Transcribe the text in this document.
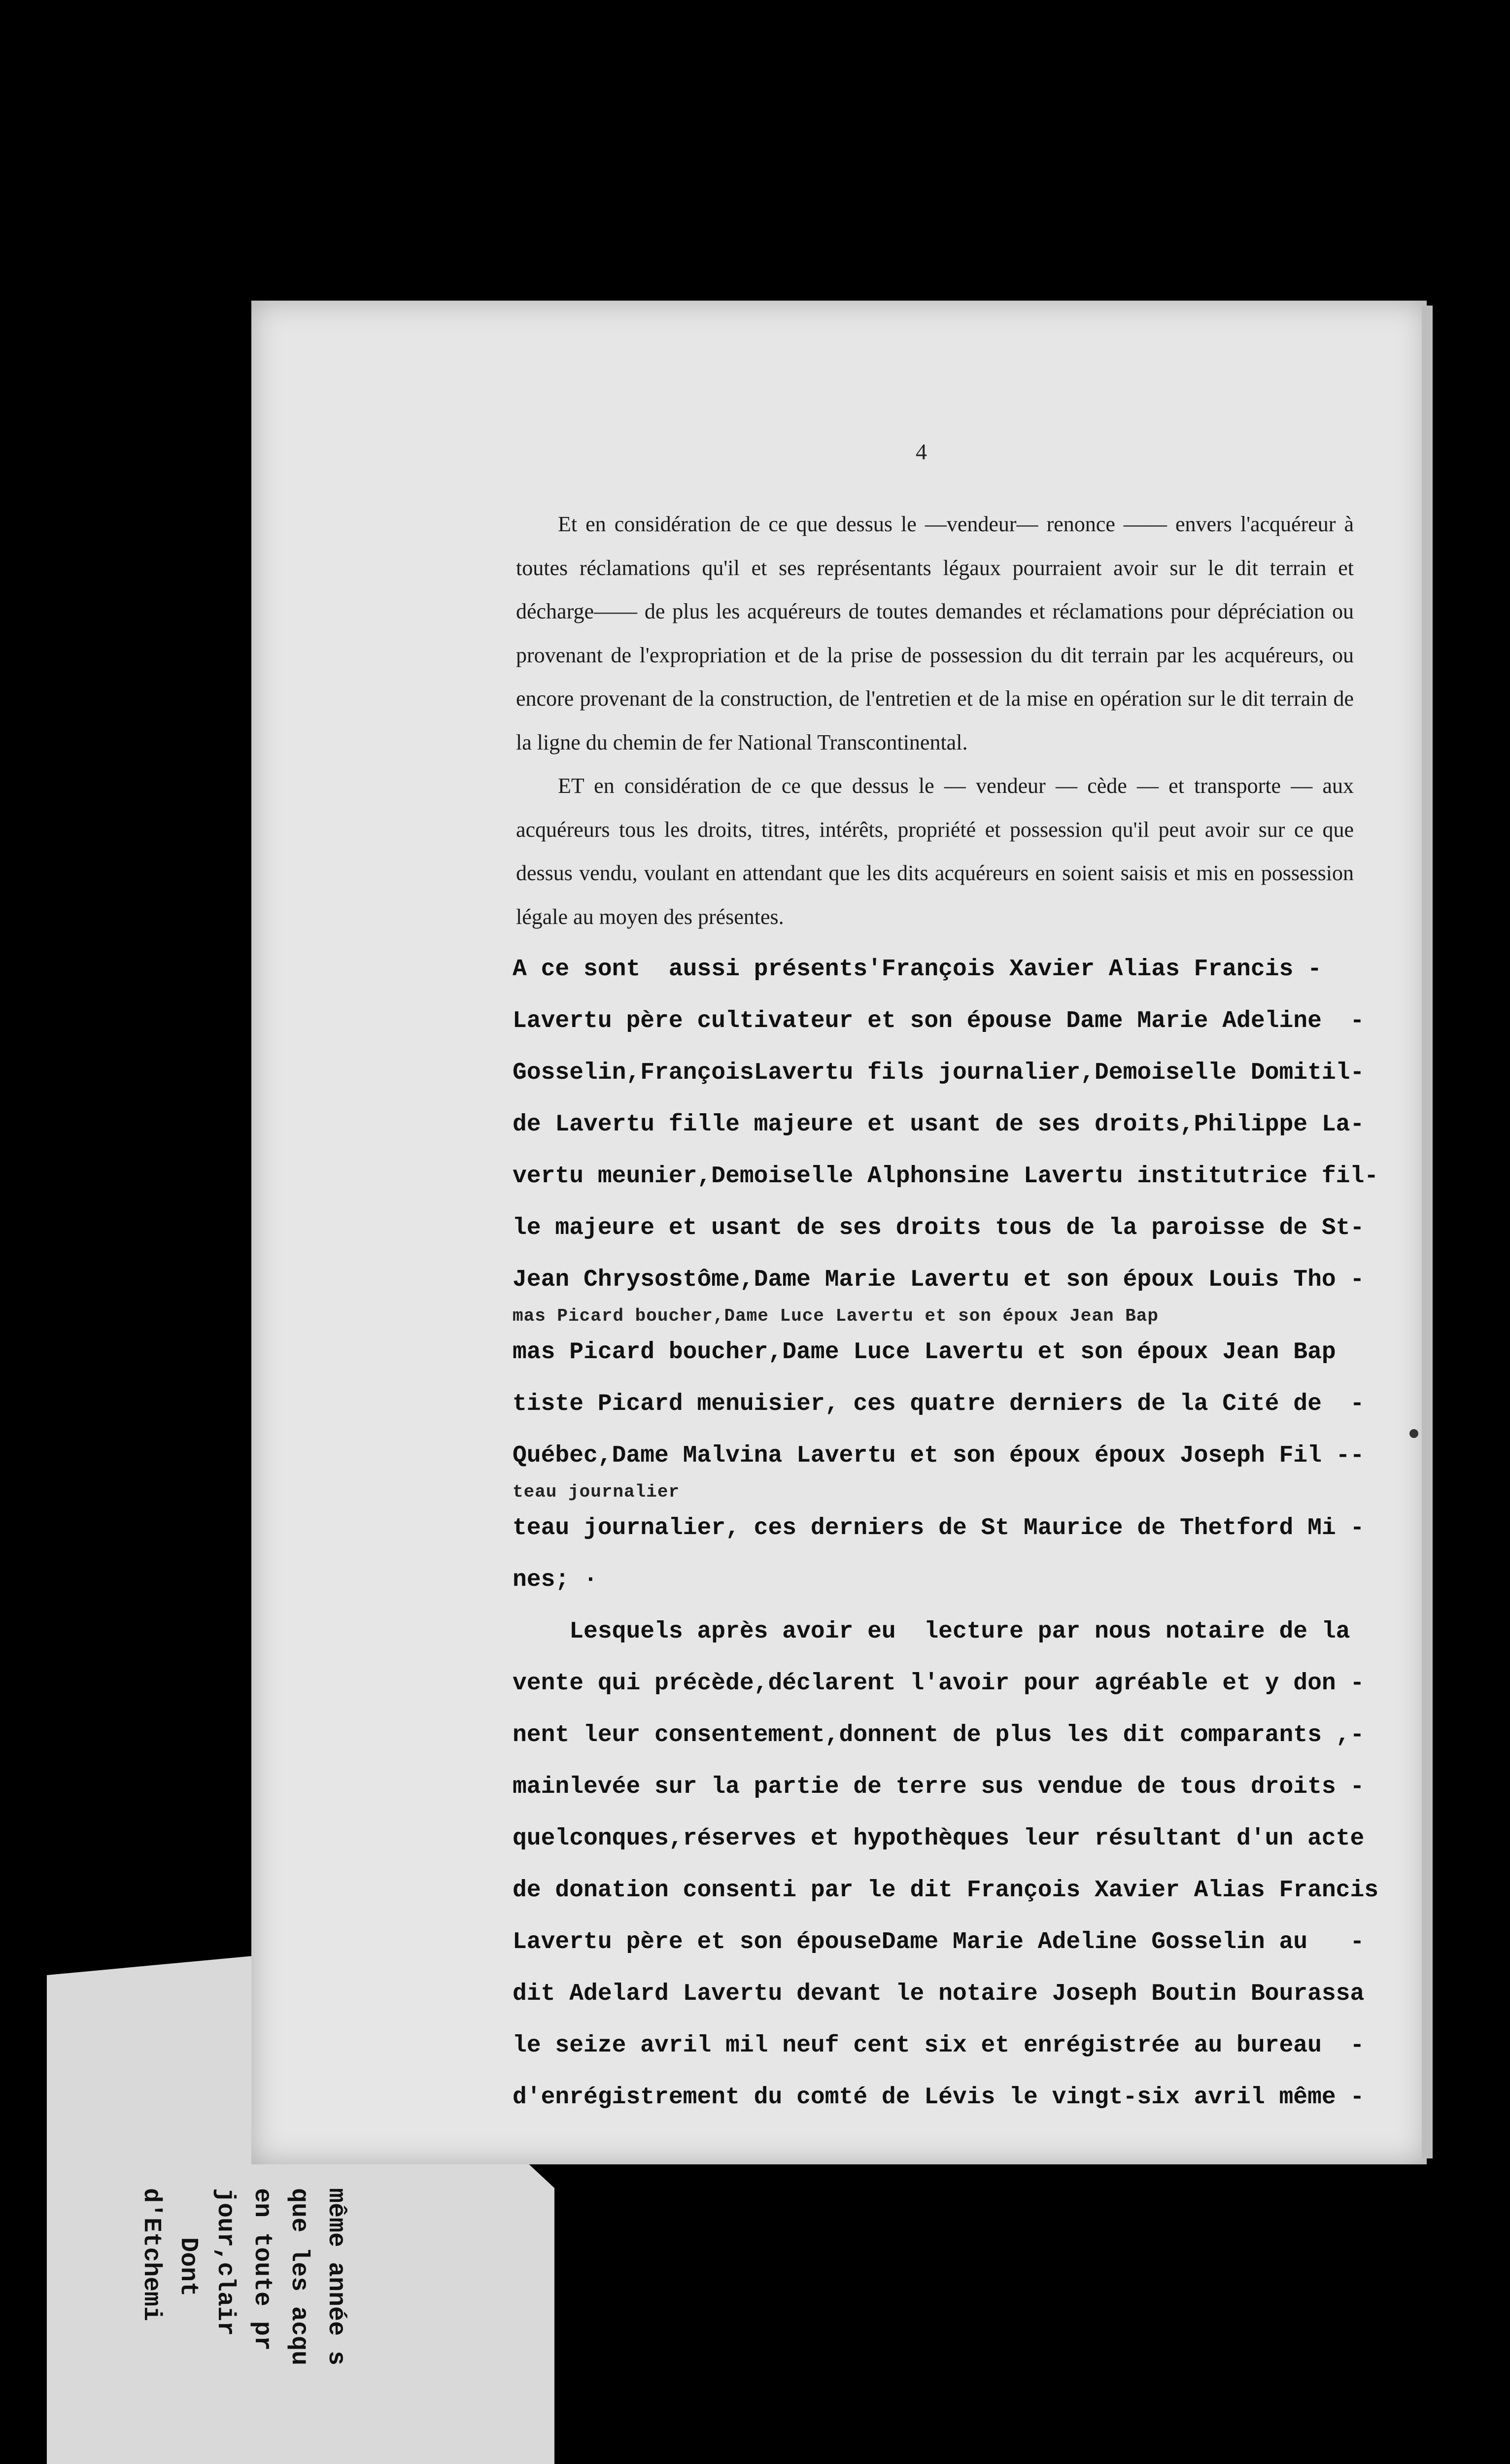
4

Et en considération de ce que dessus le —vendeur— renonce —— envers l'acquéreur à toutes réclamations qu'il et ses représentants légaux pourraient avoir sur le dit terrain et décharge—— de plus les acquéreurs de toutes demandes et réclamations pour dépréciation ou provenant de l'expropriation et de la prise de possession du dit terrain par les acquéreurs, ou encore provenant de la construction, de l'entretien et de la mise en opération sur le dit terrain de la ligne du chemin de fer National Transcontinental.

ET en considération de ce que dessus le — vendeur — cède — et transporte — aux acquéreurs tous les droits, titres, intérêts, propriété et possession qu'il peut avoir sur ce que dessus vendu, voulant en attendant que les dits acquéreurs en soient saisis et mis en possession légale au moyen des présentes.

A ce sont  aussi présents'François Xavier Alias Francis -
Lavertu père cultivateur et son épouse Dame Marie Adeline  -
Gosselin,FrançoisLavertu fils journalier,Demoiselle Domitil-
de Lavertu fille majeure et usant de ses droits,Philippe La-
vertu meunier,Demoiselle Alphonsine Lavertu institutrice fil-
le majeure et usant de ses droits tous de la paroisse de St-
Jean Chrysostôme,Dame Marie Lavertu et son époux Louis Tho -
mas Picard boucher,Dame Luce Lavertu et son époux Jean Bap
mas Picard boucher,Dame Luce Lavertu et son époux Jean Bap
tiste Picard menuisier, ces quatre derniers de la Cité de  -
Québec,Dame Malvina Lavertu et son époux époux Joseph Fil --
teau journalier
teau journalier, ces derniers de St Maurice de Thetford Mi -
nes; ·
Lesquels après avoir eu  lecture par nous notaire de la
vente qui précède,déclarent l'avoir pour agréable et y don -
nent leur consentement,donnent de plus les dit comparants ,-
mainlevée sur la partie de terre sus vendue de tous droits -
quelconques,réserves et hypothèques leur résultant d'un acte
de donation consenti par le dit François Xavier Alias Francis
Lavertu père et son épouseDame Marie Adeline Gosselin au   -
dit Adelard Lavertu devant le notaire Joseph Boutin Bourassa
le seize avril mil neuf cent six et enrégistrée au bureau  -
d'enrégistrement du comté de Lévis le vingt-six avril même -
même année s
que les acqu
en toute pr
jour,clair
Dont
d'Etchemi
